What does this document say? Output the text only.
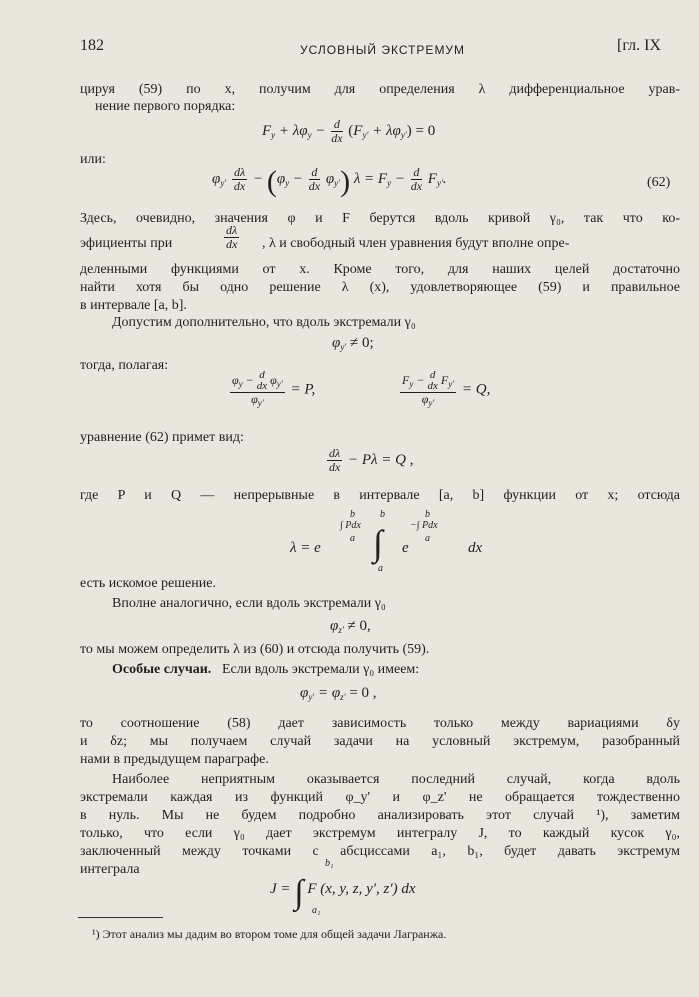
182	УСЛОВНЫЙ ЭКСТРЕМУМ	[гл. IX
цируя (59) по x, получим для определения λ дифференциальное урав-
нение первого порядка:
$F_y + \lambda\varphi_y - \frac{d}{dx} (F_{y'} + \lambda\varphi_{y'}) = 0$
или:
$\varphi_{y'} \frac{d\lambda}{dx} - (\varphi_y - \frac{d}{dx} \varphi_{y'}) \lambda = F_y - \frac{d}{dx} F_{y'}$.	(62)
Здесь, очевидно, значения φ и F берутся вдоль кривой γ₀, так что ко-
эфициенты при	$\frac{d\lambda}{dx}$ , λ и свободный член уравнения будут вполне опре-
деленными функциями от x. Кроме того, для наших целей достаточно
найти хотя бы одно решение λ (x), удовлетворяющее (59) и правильное
в интервале [a, b].
Допустим дополнительно, что вдоль экстремали γ₀
$\varphi_{y'} \ne 0$;
тогда, полагая:
$\varphi_y - d$
dx $\varphi_{y'}$
$\varphi_{y'}$
= P,
$F_y - d$
dx $F_{y'}$
$\varphi_{y'}$
= Q,
уравнение (62) примет вид:
$\frac{d\lambda}{dx} - P\lambda = Q$ ,
где P и Q — непрерывные в интервале [a, b] функции от x; отсюда
λ = e
b
∫ Pdx
a
b
∫
a
e
b
−∫ Pdx
a
dx
есть искомое решение.
Вполне аналогично, если вдоль экстремали γ₀
$\varphi_{z'} \ne 0$,
то мы можем определить λ из (60) и отсюда получить (59).
Особые случаи. Если вдоль экстремали γ₀ имеем:
$\varphi_{y'} = \varphi_{z'} = 0$ ,
то соотношение (58) дает зависимость только между вариациями δy
и δz; мы получаем случай задачи на условный экстремум, разобранный
нами в предыдущем параграфе.
Наиболее неприятным оказывается последний случай, когда вдоль
экстремали каждая из функций φ_y' и φ_z' не обращается тождественно
в нуль. Мы не будем подробно анализировать этот случай ¹), заметим
только, что если γ₀ дает экстремум интегралу J, то каждый кусок γ₀,
заключенный между точками с абсциссами a₁, b₁, будет давать экстремум
интеграла	b₁
J = ∫ F (x, y, z, y′, z′) dx
a₁
¹) Этот анализ мы дадим во втором томе для общей задачи Лагранжа.
